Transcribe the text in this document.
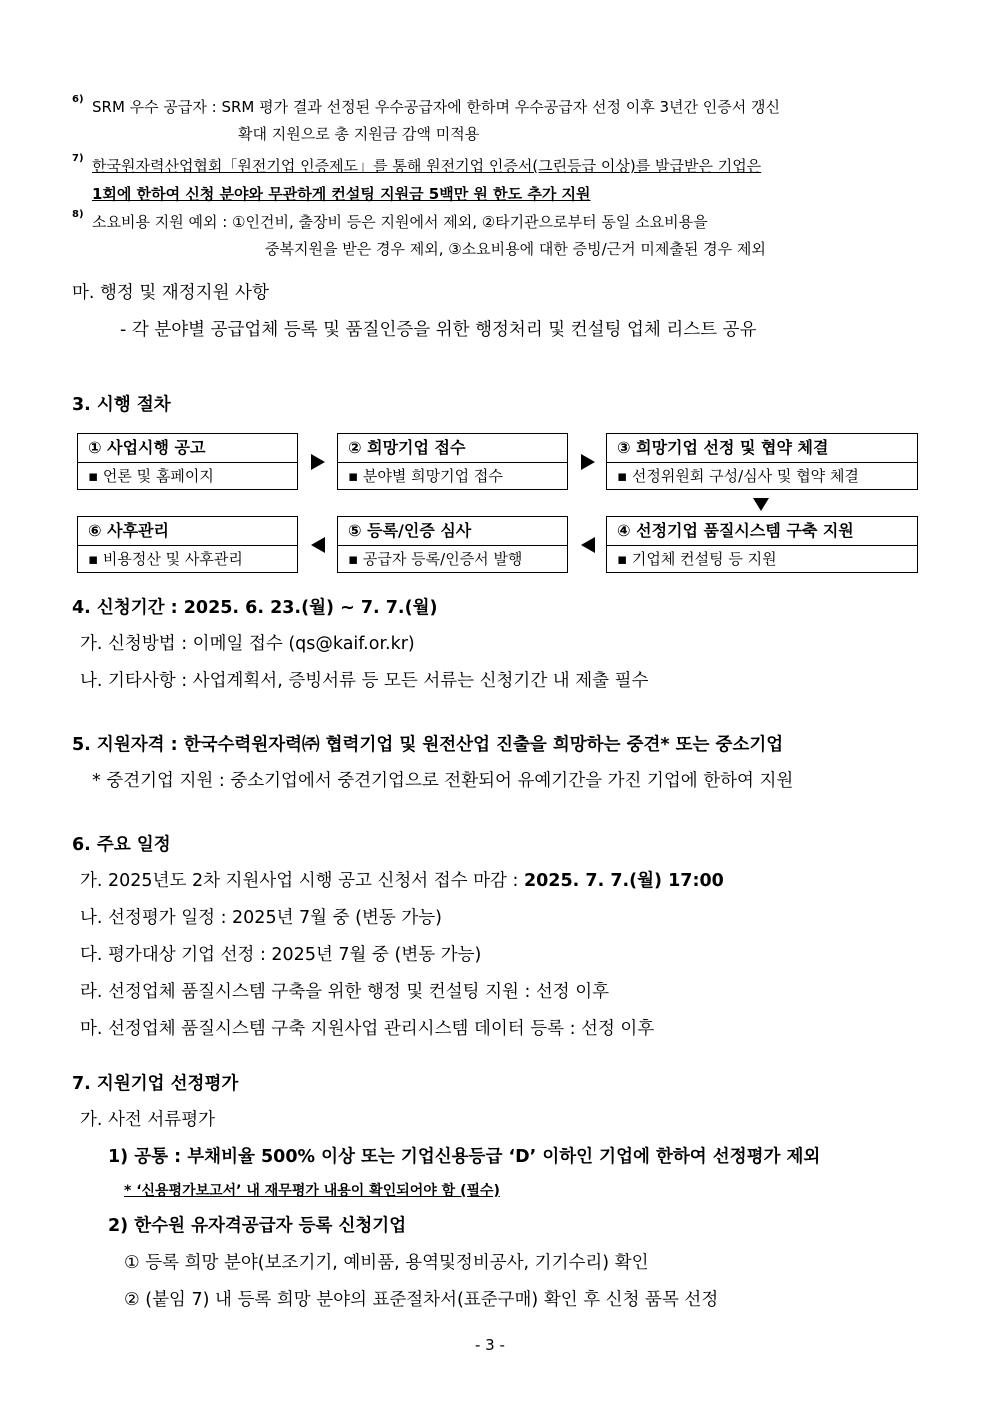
6) SRM 우수 공급자 : SRM 평가 결과 선정된 우수공급자에 한하며 우수공급자 선정 이후 3년간 인증서 갱신
확대 지원으로 총 지원금 감액 미적용
7) 한국원자력산업협회「원전기업 인증제도」를 통해 원전기업 인증서(그린등급 이상)를 발급받은 기업은
1회에 한하여 신청 분야와 무관하게 컨설팅 지원금 5백만 원 한도 추가 지원
8) 소요비용 지원 예외 : ①인건비, 출장비 등은 지원에서 제외, ②타기관으로부터 동일 소요비용을
중복지원을 받은 경우 제외, ③소요비용에 대한 증빙/근거 미제출된 경우 제외
마. 행정 및 재정지원 사항
- 각 분야별 공급업체 등록 및 품질인증을 위한 행정처리 및 컨설팅 업체 리스트 공유
3. 시행 절차
① 사업시행 공고
▪ 언론 및 홈페이지
② 희망기업 접수
▪ 분야별 희망기업 접수
③ 희망기업 선정 및 협약 체결
▪ 선정위원회 구성/심사 및 협약 체결
⑥ 사후관리
▪ 비용정산 및 사후관리
⑤ 등록/인증 심사
▪ 공급자 등록/인증서 발행
④ 선정기업 품질시스템 구축 지원
▪ 기업체 컨설팅 등 지원
4. 신청기간 : 2025. 6. 23.(월) ~ 7. 7.(월)
가. 신청방법 : 이메일 접수 (qs@kaif.or.kr)
나. 기타사항 : 사업계획서, 증빙서류 등 모든 서류는 신청기간 내 제출 필수
5. 지원자격 : 한국수력원자력㈜ 협력기업 및 원전산업 진출을 희망하는 중견* 또는 중소기업
* 중견기업 지원 : 중소기업에서 중견기업으로 전환되어 유예기간을 가진 기업에 한하여 지원
6. 주요 일정
가. 2025년도 2차 지원사업 시행 공고 신청서 접수 마감 : 2025. 7. 7.(월) 17:00
나. 선정평가 일정 : 2025년 7월 중 (변동 가능)
다. 평가대상 기업 선정 : 2025년 7월 중 (변동 가능)
라. 선정업체 품질시스템 구축을 위한 행정 및 컨설팅 지원 : 선정 이후
마. 선정업체 품질시스템 구축 지원사업 관리시스템 데이터 등록 : 선정 이후
7. 지원기업 선정평가
가. 사전 서류평가
1) 공통 : 부채비율 500% 이상 또는 기업신용등급 ‘D’ 이하인 기업에 한하여 선정평가 제외
* ‘신용평가보고서’ 내 재무평가 내용이 확인되어야 함 (필수)
2) 한수원 유자격공급자 등록 신청기업
① 등록 희망 분야(보조기기, 예비품, 용역및정비공사, 기기수리) 확인
② (붙임 7) 내 등록 희망 분야의 표준절차서(표준구매) 확인 후 신청 품목 선정
- 3 -
